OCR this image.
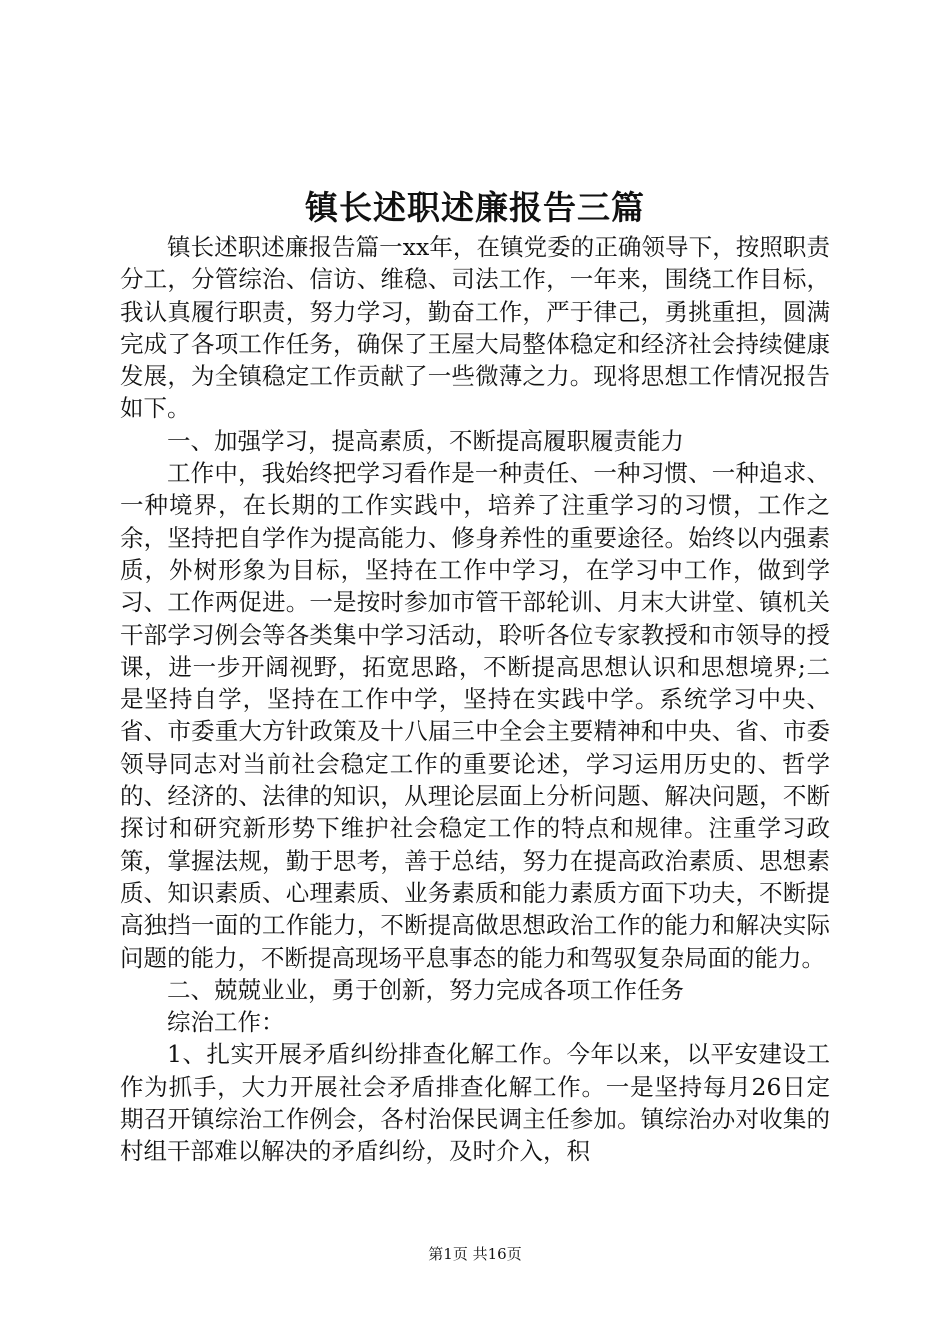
镇长述职述廉报告三篇

镇长述职述廉报告篇一xx年，在镇党委的正确领导下，按照职责分工，分管综治、信访、维稳、司法工作，一年来，围绕工作目标，我认真履行职责，努力学习，勤奋工作，严于律己，勇挑重担，圆满完成了各项工作任务，确保了王屋大局整体稳定和经济社会持续健康发展，为全镇稳定工作贡献了一些微薄之力。现将思想工作情况报告如下。

一、加强学习，提高素质，不断提高履职履责能力

工作中，我始终把学习看作是一种责任、一种习惯、一种追求、一种境界，在长期的工作实践中，培养了注重学习的习惯，工作之余，坚持把自学作为提高能力、修身养性的重要途径。始终以内强素质，外树形象为目标，坚持在工作中学习，在学习中工作，做到学习、工作两促进。一是按时参加市管干部轮训、月末大讲堂、镇机关干部学习例会等各类集中学习活动，聆听各位专家教授和市领导的授课，进一步开阔视野，拓宽思路，不断提高思想认识和思想境界;二是坚持自学，坚持在工作中学，坚持在实践中学。系统学习中央、省、市委重大方针政策及十八届三中全会主要精神和中央、省、市委领导同志对当前社会稳定工作的重要论述，学习运用历史的、哲学的、经济的、法律的知识，从理论层面上分析问题、解决问题，不断探讨和研究新形势下维护社会稳定工作的特点和规律。注重学习政策，掌握法规，勤于思考，善于总结，努力在提高政治素质、思想素质、知识素质、心理素质、业务素质和能力素质方面下功夫，不断提高独挡一面的工作能力，不断提高做思想政治工作的能力和解决实际问题的能力，不断提高现场平息事态的能力和驾驭复杂局面的能力。

二、兢兢业业，勇于创新，努力完成各项工作任务

综治工作：

1、扎实开展矛盾纠纷排查化解工作。今年以来，以平安建设工作为抓手，大力开展社会矛盾排查化解工作。一是坚持每月26日定期召开镇综治工作例会，各村治保民调主任参加。镇综治办对收集的村组干部难以解决的矛盾纠纷，及时介入，积

第1页 共16页
